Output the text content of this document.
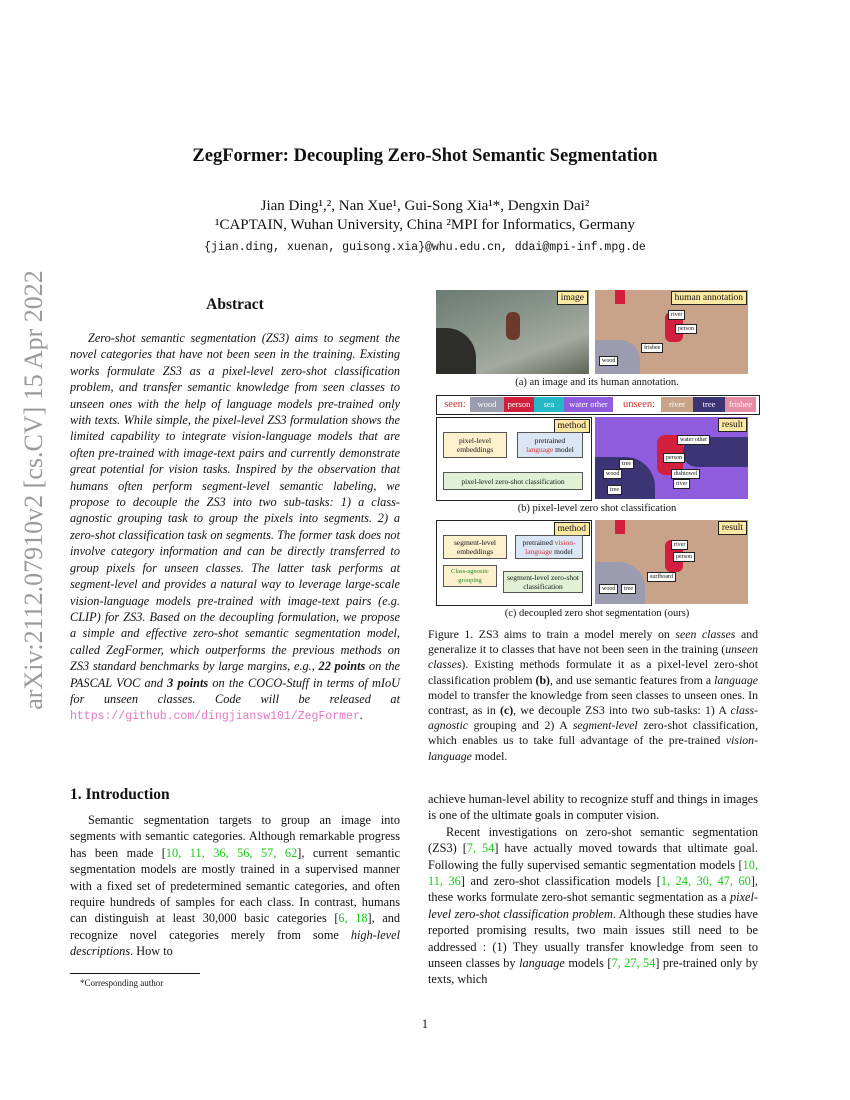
ZegFormer: Decoupling Zero-Shot Semantic Segmentation
Jian Ding¹,², Nan Xue¹, Gui-Song Xia¹*, Dengxin Dai²
¹CAPTAIN, Wuhan University, China ²MPI for Informatics, Germany
{jian.ding, xuenan, guisong.xia}@whu.edu.cn, ddai@mpi-inf.mpg.de
arXiv:2112.07910v2 [cs.CV] 15 Apr 2022	Abstract
Zero-shot semantic segmentation (ZS3) aims to segment the novel categories that have not been seen in the training. Existing works formulate ZS3 as a pixel-level zero-shot classification problem, and transfer semantic knowledge from seen classes to unseen ones with the help of language models pre-trained only with texts. While simple, the pixel-level ZS3 formulation shows the limited capability to integrate vision-language models that are often pre-trained with image-text pairs and currently demonstrate great potential for vision tasks. Inspired by the observation that humans often perform segment-level semantic labeling, we propose to decouple the ZS3 into two sub-tasks: 1) a class-agnostic grouping task to group the pixels into segments. 2) a zero-shot classification task on segments. The former task does not involve category information and can be directly transferred to group pixels for unseen classes. The latter task performs at segment-level and provides a natural way to leverage large-scale vision-language models pre-trained with image-text pairs (e.g. CLIP) for ZS3. Based on the decoupling formulation, we propose a simple and effective zero-shot semantic segmentation model, called ZegFormer, which outperforms the previous methods on ZS3 standard benchmarks by large margins, e.g., 22 points on the PASCAL VOC and 3 points on the COCO-Stuff in terms of mIoU for unseen classes. Code will be released at https://github.com/dingjiansw101/ZegFormer.
1. Introduction
Semantic segmentation targets to group an image into segments with semantic categories. Although remarkable progress has been made [10, 11, 36, 56, 57, 62], current semantic segmentation models are mostly trained in a supervised manner with a fixed set of predetermined semantic categories, and often require hundreds of samples for each class. In contrast, humans can distinguish at least 30,000 basic categories [6, 18], and recognize novel categories merely from some high-level descriptions. How to
*Corresponding author
1
image
river
person
frisbee
wood
human annotation
(a) an image and its human annotation.
seen:	wood	person	sea	water other	unseen:	river	tree	frisbee
method
pixel-level embeddings
pretrained
language model
pixel-level zero-shot classification
water other
person
tree
wood	dishtowel
river
tree
result
(b) pixel-level zero shot classification
method
segment-level embeddings
pretrained vision-language model
Class-agnostic grouping	segment-level zero-shot classification
river
person
surfboard
wood	tree
result
(c) decoupled zero shot segmentation (ours)
Figure 1. ZS3 aims to train a model merely on seen classes and generalize it to classes that have not been seen in the training (unseen classes). Existing methods formulate it as a pixel-level zero-shot classification problem (b), and use semantic features from a language model to transfer the knowledge from seen classes to unseen ones. In contrast, as in (c), we decouple ZS3 into two sub-tasks: 1) A class-agnostic grouping and 2) A segment-level zero-shot classification, which enables us to take full advantage of the pre-trained vision-language model.

achieve human-level ability to recognize stuff and things in images is one of the ultimate goals in computer vision.

Recent investigations on zero-shot semantic segmentation (ZS3) [7, 54] have actually moved towards that ultimate goal. Following the fully supervised semantic segmentation models [10, 11, 36] and zero-shot classification models [1, 24, 30, 47, 60], these works formulate zero-shot semantic segmentation as a pixel-level zero-shot classification problem. Although these studies have reported promising results, two main issues still need to be addressed : (1) They usually transfer knowledge from seen to unseen classes by language models [7, 27, 54] pre-trained only by texts, which
